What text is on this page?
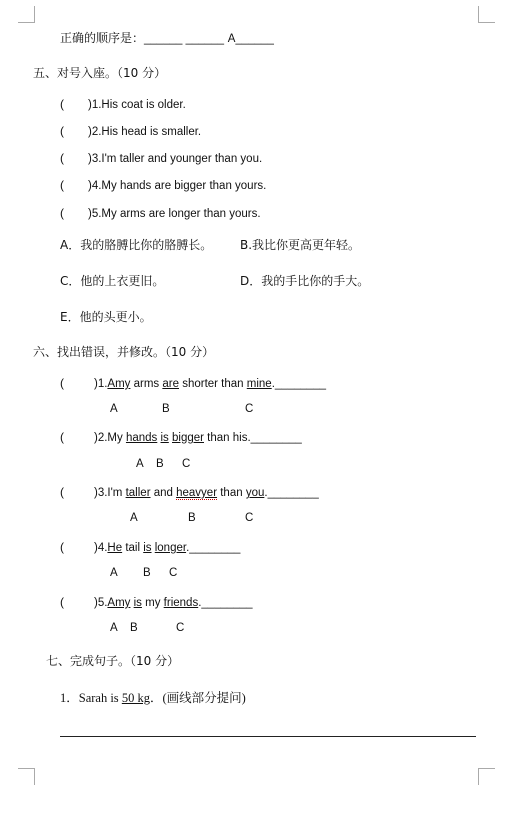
正确的顺序是：______ ______ A______
五、对号入座。（10 分）
( )1.His coat is older.
( )2.His head is smaller.
( )3.I'm taller and younger than you.
( )4.My hands are bigger than yours.
( )5.My arms are longer than yours.
A．我的胳膊比你的胳膊长。 B.我比你更高更年轻。
C．他的上衣更旧。	D．我的手比你的手大。
E．他的头更小。
六、找出错误，并修改。（10 分）
(	)1.Amy arms are shorter than mine.________
A	B	C
(	)2.My hands is bigger than his.________
A B C
(	)3.I'm taller and heavyer than you.________
A	B	C
(	)4.He tail is longer.________
A B C
(	)5.Amy is my friends.________
A B	C
七、完成句子。（10 分）
1．Sarah is 50 kg．(画线部分提问)
